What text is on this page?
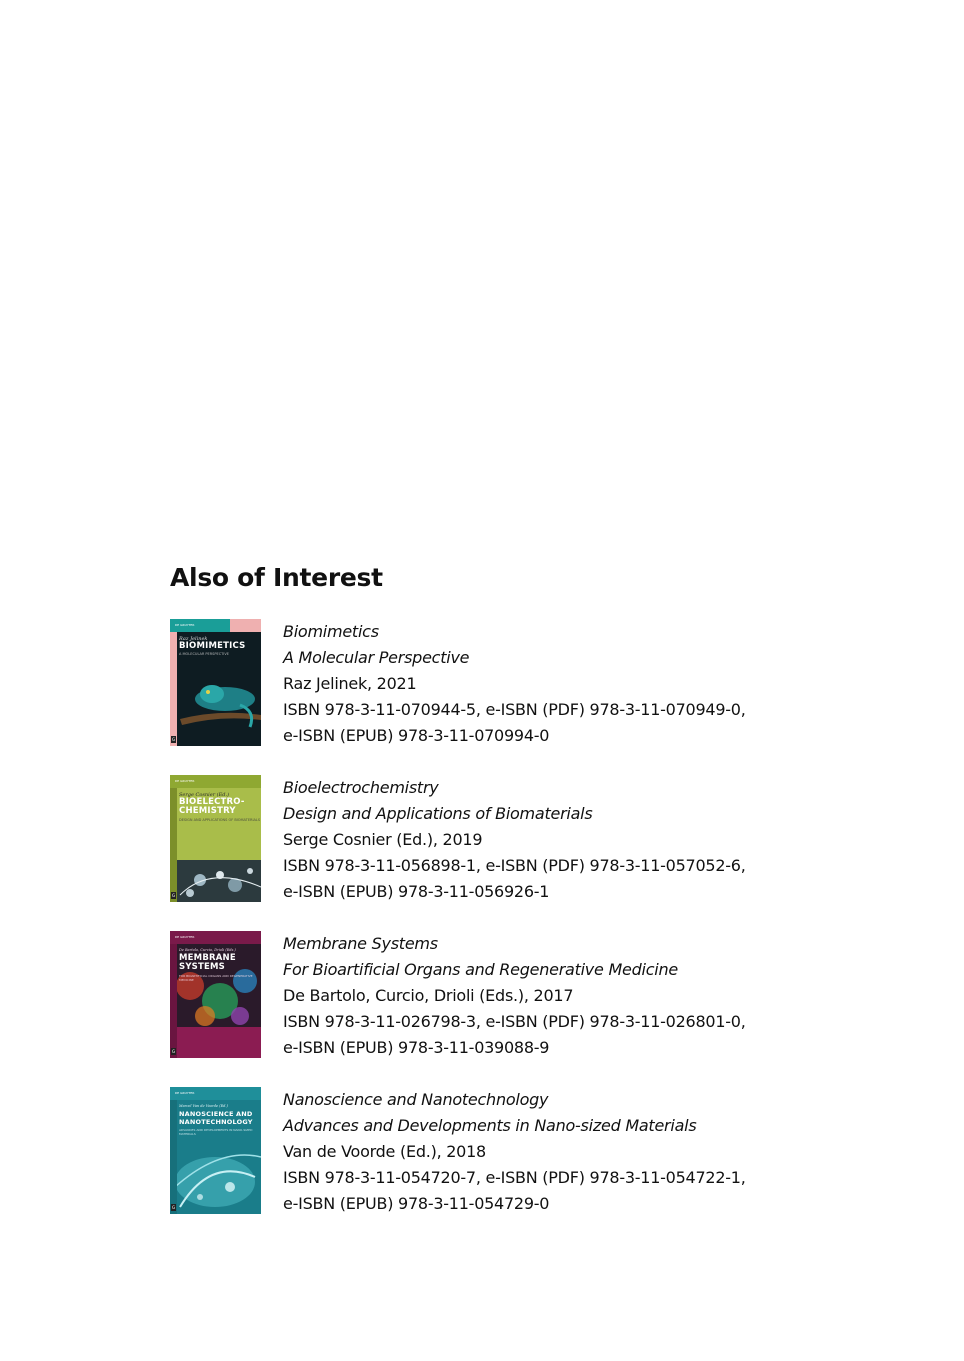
Also of Interest
DE GRUYTER
Raz Jelinek
BIOMIMETICS
A MOLECULAR PERSPECTIVE
G
Biomimetics
A Molecular Perspective
Raz Jelinek, 2021
ISBN 978-3-11-070944-5, e-ISBN (PDF) 978-3-11-070949-0,
e-ISBN (EPUB) 978-3-11-070994-0
DE GRUYTER
Serge Cosnier (Ed.)
BIOELECTRO-
CHEMISTRY
DESIGN AND APPLICATIONS OF BIOMATERIALS
G
Bioelectrochemistry
Design and Applications of Biomaterials
Serge Cosnier (Ed.), 2019
ISBN 978-3-11-056898-1, e-ISBN (PDF) 978-3-11-057052-6,
e-ISBN (EPUB) 978-3-11-056926-1
DE GRUYTER
De Bartolo, Curcio, Drioli (Eds.)
MEMBRANE
SYSTEMS
FOR BIOARTIFICIAL ORGANS AND REGENERATIVE MEDICINE
G
Membrane Systems
For Bioartificial Organs and Regenerative Medicine
De Bartolo, Curcio, Drioli (Eds.), 2017
ISBN 978-3-11-026798-3, e-ISBN (PDF) 978-3-11-026801-0,
e-ISBN (EPUB) 978-3-11-039088-9
DE GRUYTER
Marcel Van de Voorde (Ed.)
NANOSCIENCE AND
NANOTECHNOLOGY
ADVANCES AND DEVELOPMENTS IN NANO-SIZED MATERIALS
G
Nanoscience and Nanotechnology
Advances and Developments in Nano-sized Materials
Van de Voorde (Ed.), 2018
ISBN 978-3-11-054720-7, e-ISBN (PDF) 978-3-11-054722-1,
e-ISBN (EPUB) 978-3-11-054729-0
